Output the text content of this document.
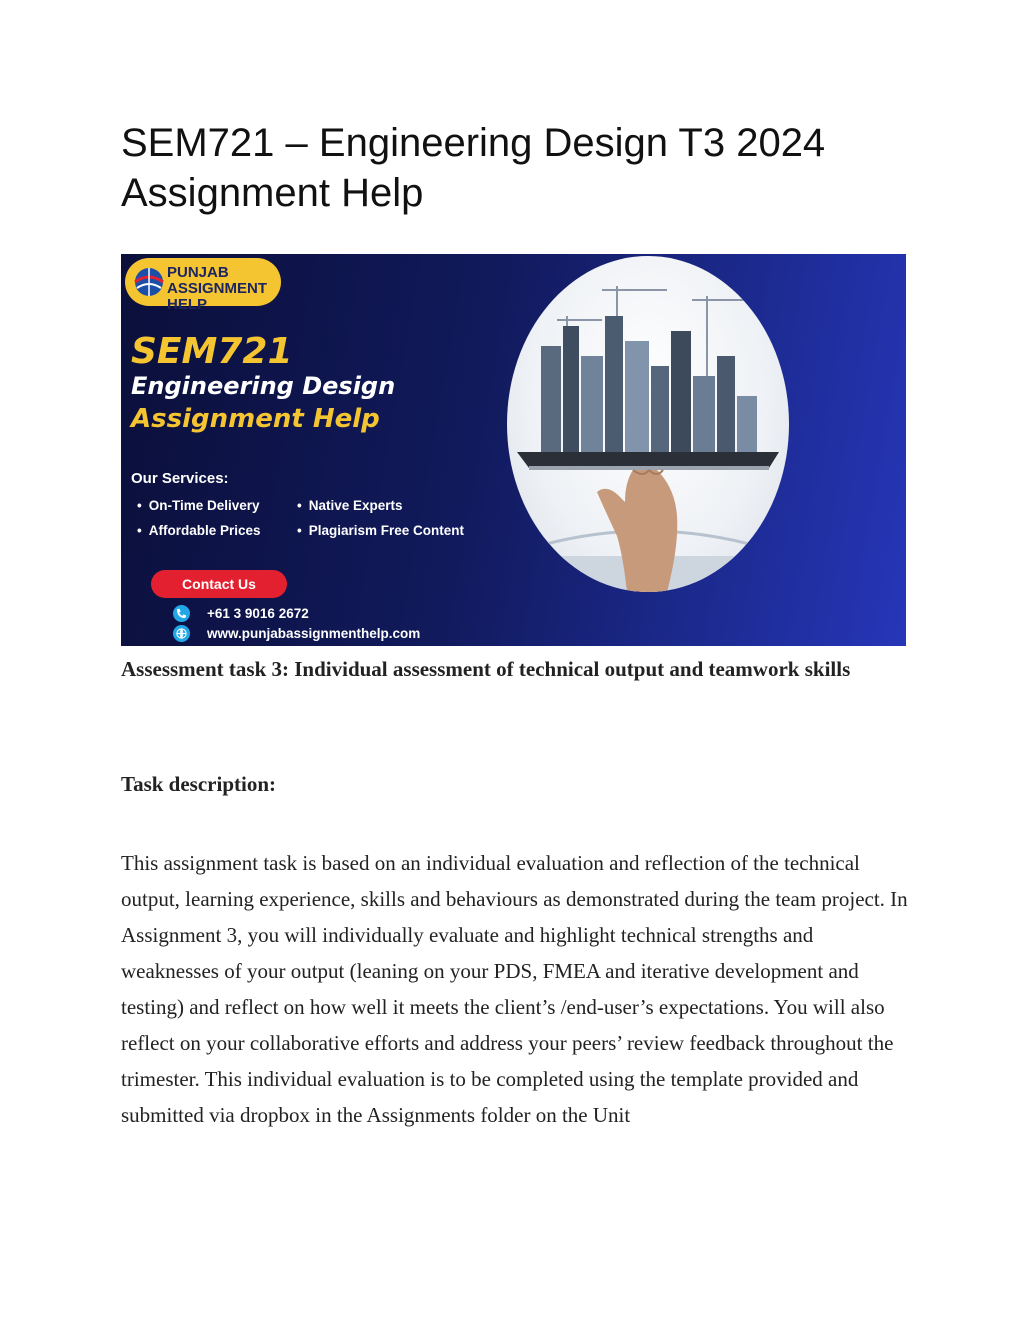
SEM721 – Engineering Design T3 2024 Assignment Help
PUNJAB
ASSIGNMENT HELP
SEM721
Engineering Design
Assignment Help
Our Services:
• On-Time Delivery	• Native Experts
• Affordable Prices	• Plagiarism Free Content
Contact Us
+61 3 9016 2672
www.punjabassignmenthelp.com
Assessment task 3: Individual assessment of technical output and teamwork skills
Task description:
This assignment task is based on an individual evaluation and reflection of the technical output, learning experience, skills and behaviours as demonstrated during the team project. In Assignment 3, you will individually evaluate and highlight technical strengths and weaknesses of your output (leaning on your PDS, FMEA and iterative development and testing) and reflect on how well it meets the client’s /end-user’s expectations. You will also reflect on your collaborative efforts and address your peers’ review feedback throughout the trimester. This individual evaluation is to be completed using the template provided and submitted via dropbox in the Assignments folder on the Unit
